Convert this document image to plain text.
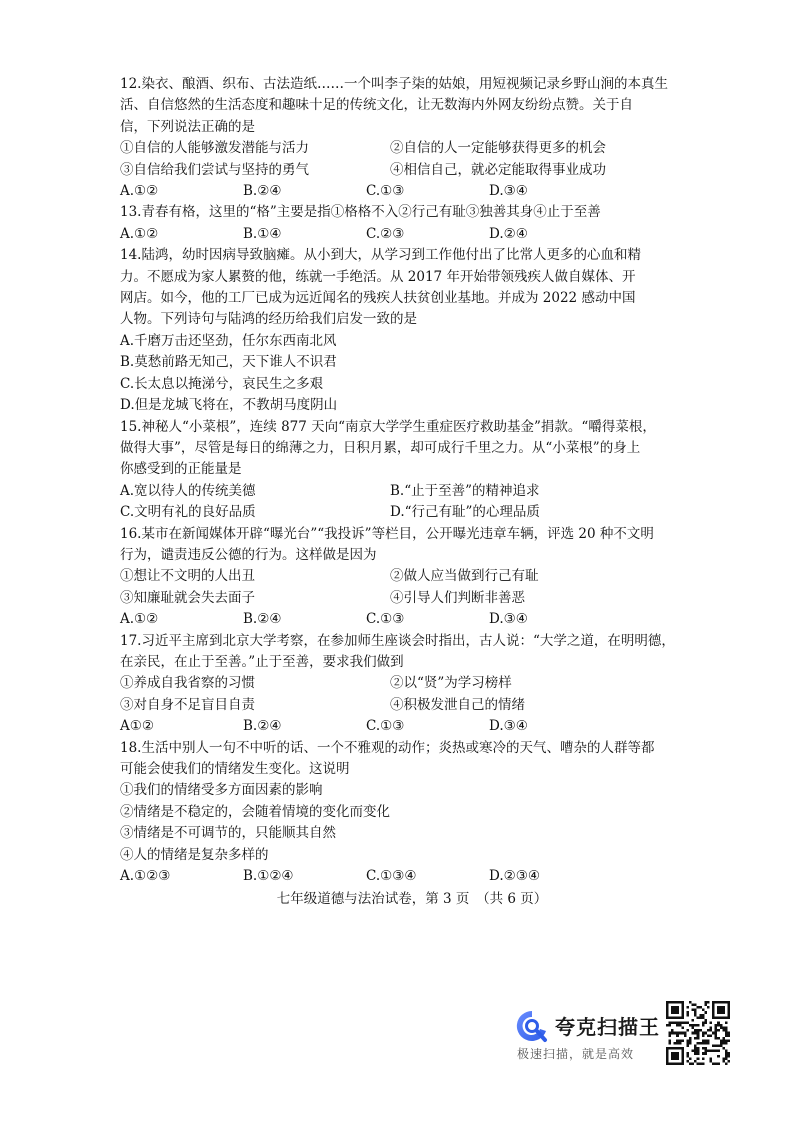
12.染衣、酿酒、织布、古法造纸……一个叫李子柒的姑娘，用短视频记录乡野山涧的本真生
活、自信悠然的生活态度和趣味十足的传统文化，让无数海内外网友纷纷点赞。关于自
信，下列说法正确的是
①自信的人能够激发潜能与活力	②自信的人一定能够获得更多的机会
③自信给我们尝试与坚持的勇气	④相信自己，就必定能取得事业成功
A.①②	B.②④	C.①③	D.③④
13.青春有格，这里的“格”主要是指①格格不入②行己有耻③独善其身④止于至善
A.①②	B.①④	C.②③	D.②④
14.陆鸿，幼时因病导致脑瘫。从小到大，从学习到工作他付出了比常人更多的心血和精
力。不愿成为家人累赘的他，练就一手绝活。从 2017 年开始带领残疾人做自媒体、开
网店。如今，他的工厂已成为远近闻名的残疾人扶贫创业基地。并成为 2022 感动中国
人物。下列诗句与陆鸿的经历给我们启发一致的是
A.千磨万击还坚劲，任尔东西南北风
B.莫愁前路无知己，天下谁人不识君
C.长太息以掩涕兮，哀民生之多艰
D.但是龙城飞将在，不教胡马度阴山
15.神秘人“小菜根”，连续 877 天向“南京大学学生重症医疗救助基金”捐款。“嚼得菜根，
做得大事”，尽管是每日的绵薄之力，日积月累，却可成行千里之力。从“小菜根”的身上
你感受到的正能量是
A.宽以待人的传统美德	B.“止于至善”的精神追求
C.文明有礼的良好品质	D.“行己有耻”的心理品质
16.某市在新闻媒体开辟“曝光台”“我投诉”等栏目，公开曝光违章车辆，评选 20 种不文明
行为，谴责违反公德的行为。这样做是因为
①想让不文明的人出丑	②做人应当做到行己有耻
③知廉耻就会失去面子	④引导人们判断非善恶
A.①②	B.②④	C.①③	D.③④
17.习近平主席到北京大学考察，在参加师生座谈会时指出，古人说：“大学之道，在明明德，
在亲民，在止于至善。”止于至善，要求我们做到
①养成自我省察的习惯	②以“贤”为学习榜样
③对自身不足盲目自责	④积极发泄自己的情绪
A①②	B.②④	C.①③	D.③④
18.生活中别人一句不中听的话、一个不雅观的动作；炎热或寒冷的天气、嘈杂的人群等都
可能会使我们的情绪发生变化。这说明
①我们的情绪受多方面因素的影响
②情绪是不稳定的，会随着情境的变化而变化
③情绪是不可调节的，只能顺其自然
④人的情绪是复杂多样的
A.①②③	B.①②④	C.①③④	D.②③④
七年级道德与法治试卷，第 3 页　（共 6 页）
夸克扫描王
极速扫描，就是高效
